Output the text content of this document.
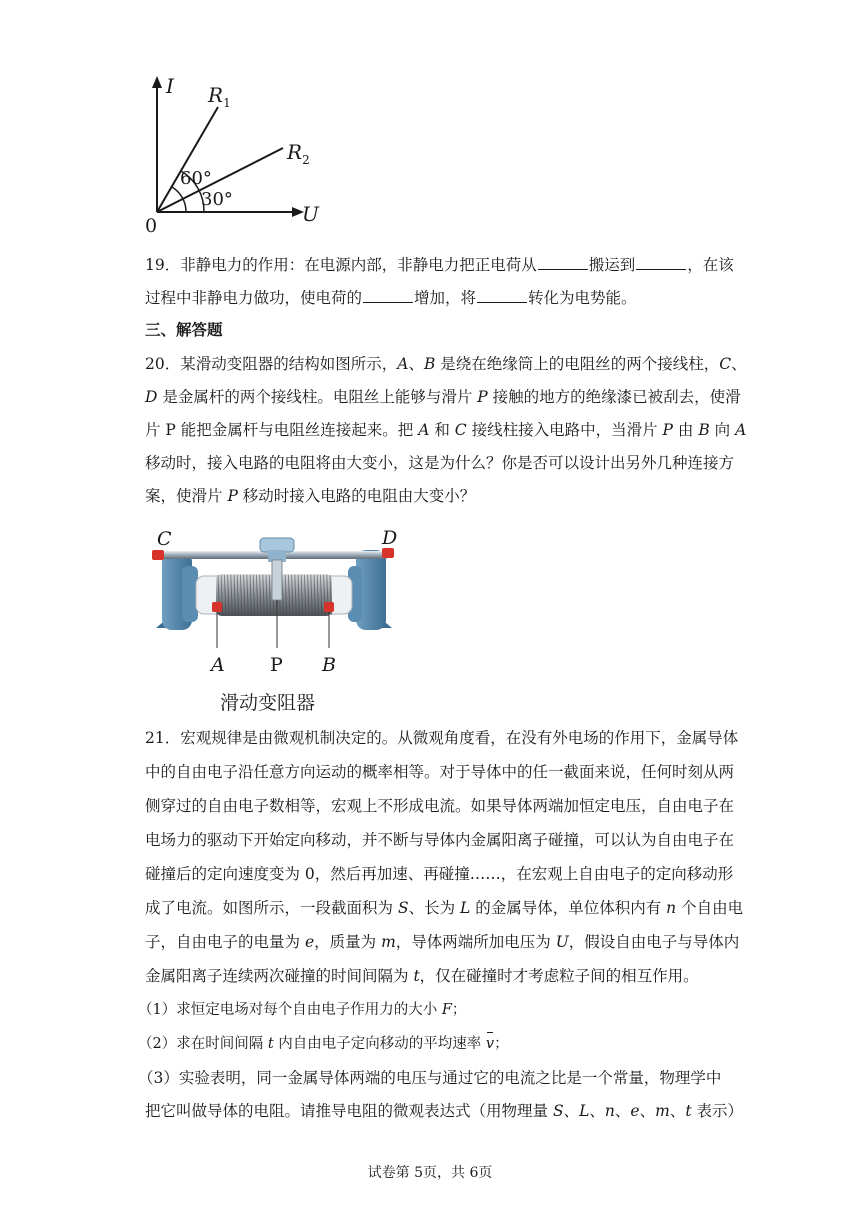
I
U
0
$R_1$
$R_2$
60°
30°
19．非静电力的作用：在电源内部，非静电力把正电荷从	搬运到	，在该
过程中非静电力做功，使电荷的	增加，将	转化为电势能。
三、解答题
20．某滑动变阻器的结构如图所示，A、B 是绕在绝缘筒上的电阻丝的两个接线柱，C、
D 是金属杆的两个接线柱。电阻丝上能够与滑片 P 接触的地方的绝缘漆已被刮去，使滑
片 P 能把金属杆与电阻丝连接起来。把 A 和 C 接线柱接入电路中，当滑片 P 由 B 向 A
移动时，接入电路的电阻将由大变小，这是为什么？你是否可以设计出另外几种连接方
案，使滑片 P 移动时接入电路的电阻由大变小？
C	D
A P B
滑动变阻器
21．宏观规律是由微观机制决定的。从微观角度看，在没有外电场的作用下，金属导体
中的自由电子沿任意方向运动的概率相等。对于导体中的任一截面来说，任何时刻从两
侧穿过的自由电子数相等，宏观上不形成电流。如果导体两端加恒定电压，自由电子在
电场力的驱动下开始定向移动，并不断与导体内金属阳离子碰撞，可以认为自由电子在
碰撞后的定向速度变为 0，然后再加速、再碰撞……，在宏观上自由电子的定向移动形
成了电流。如图所示，一段截面积为 S、长为 L 的金属导体，单位体积内有 n 个自由电
子，自由电子的电量为 e，质量为 m，导体两端所加电压为 U，假设自由电子与导体内
金属阳离子连续两次碰撞的时间间隔为 t，仅在碰撞时才考虑粒子间的相互作用。
（1）求恒定电场对每个自由电子作用力的大小 F；
（2）求在时间间隔 t 内自由电子定向移动的平均速率 v；
（3）实验表明，同一金属导体两端的电压与通过它的电流之比是一个常量，物理学中
把它叫做导体的电阻。请推导电阻的微观表达式（用物理量 S、L、n、e、m、t 表示）
试卷第 5页，共 6页
